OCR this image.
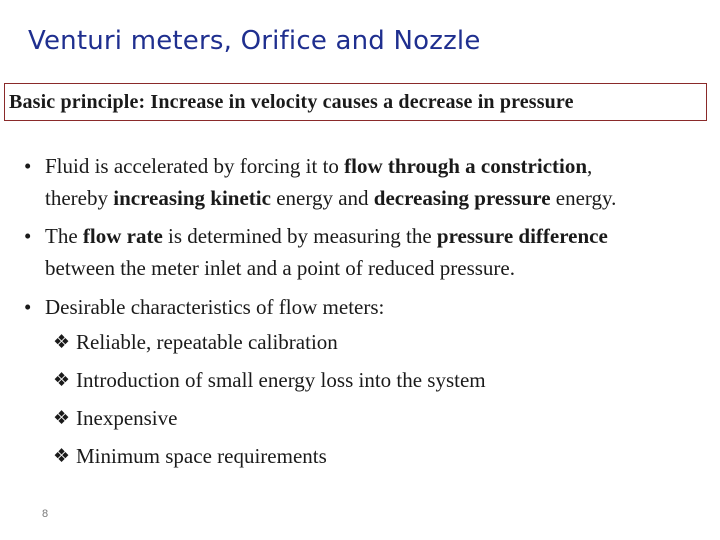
Venturi meters, Orifice and Nozzle
Basic principle: Increase in velocity causes a decrease in pressure
• Fluid is accelerated by forcing it to flow through a constriction,
thereby increasing kinetic energy and decreasing pressure energy.
• The flow rate is determined by measuring the pressure difference
between the meter inlet and a point of reduced pressure.
• Desirable characteristics of flow meters:
❖ Reliable, repeatable calibration
❖ Introduction of small energy loss into the system
❖ Inexpensive
❖ Minimum space requirements
8
